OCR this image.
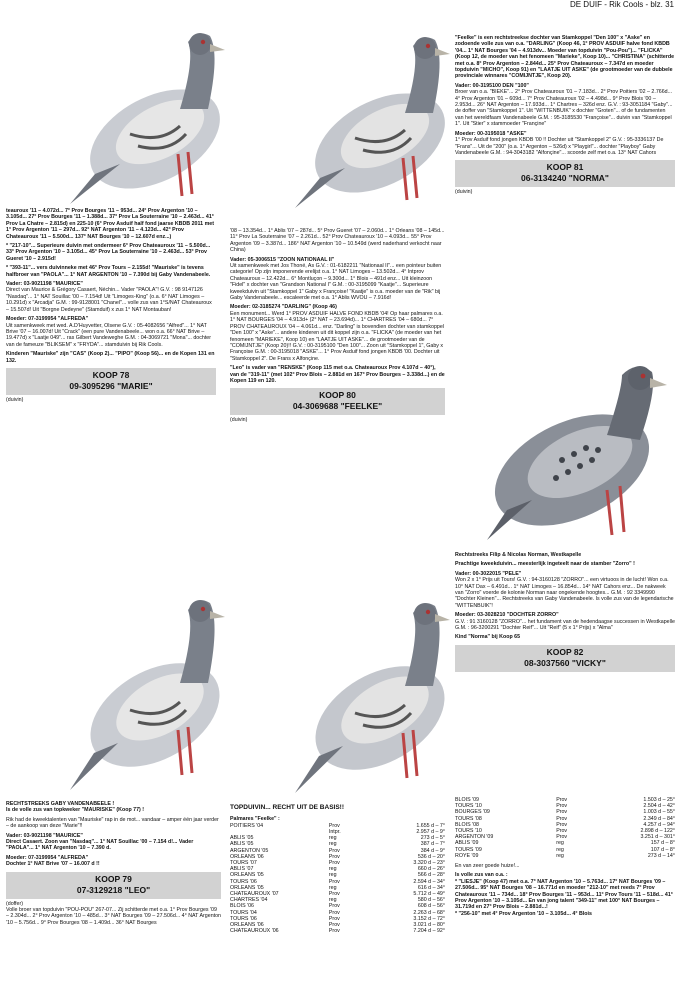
DE DUIF - Rik Cools - blz. 31

teauroux '11 – 4.072d... 7° Prov Bourges '11 – 953d... 24° Prov Argenton '10 – 3.105d... 27° Prov Bourges '11 – 1.388d... 37° Prov La Souterraine '10 – 2.463d... 41° Prov La Chatre – 2.815d) en 225-10 (6° Prov Asduif half fond jaarse KBDB 2011 met 1° Prov Argenton '11 – 297d... 92° NAT Argenton '11 – 4.123d... 42° Prov Chateauroux '11 – 5.500d... 137° NAT Bourges '10 – 12.607d enz...)

* "217-10"... Superieure duivin met ondermeer 6° Prov Chateauroux '11 – 5.500d... 33° Prov Argenton '10 – 3.105d... 45° Prov La Souterraine '10 – 2.463d... 53° Prov Gueret '10 – 2.915d!

* "393-11"... vers duivinneke met 46° Prov Tours – 2.155d! "Mauriske" is tevens halfbroer van "PAOLA"... 1° NAT ARGENTON '10 – 7.390d bij Gaby Vandenabeele.

Vader: 03-9021198 "MAURICE"

Direct van Maurice & Grégory Casaert, Néchin... Vader "PAOLA"! G.V. : 98 9147126 "Nasdaq"... 1° NAT Souillac '00 – 7.154d! Uit "Limoges-King" (o.a. 6° NAT Limoges – 10.291d) x "Arcadja" G.M. : 99-9128001 "Chanel"... volle zus van 1°S/NAT Chateauroux – 15.507d! Uit "Borgne Dedeyne" (Stamduif) x zus 1° NAT Montauban!

Moeder: 07-3199954 "ALFREDA"

Uit samenkweek met wed. A.D'Huyvetter, Olsene G.V. : 05-4082656 "Alfred"... 1° NAT Brive '07 – 16.007d! Uit "Crack" (een pure Vandenabeele... won o.a. 66° NAT Brive – 19.477d) x "Laatje 049"... ras Gilbert Vandeweghe G.M. : 04-3069721 "Mona"... dochter van de fameuze "BLIKSEM" x "FRYDA"... stamduivin bij Rik Cools.

Kinderen "Mauriske" zijn "CAS" (Koop 2)... "PIPO" (Koop 56)... en de Kopen 131 en 132.

KOOP 78
09-3095296 "MARIE"
(duivin)

'08 – 13.354d... 1° Ablis '07 – 287d... 5° Prov Gueret '07 – 2.060d... 1° Orleans '08 – 145d... 11° Prov La Souterraine '07 – 2.261d... 52° Prov Chateauroux '10 – 4.093d... 55° Prov Argenton '09 – 3.387d... 186° NAT Argenton '10 – 10.549d (werd naderhand verkocht naar China)

Vader: 05-3006515 "ZOON NATIONAAL II"

Uit samenkweek met Jos Thoné, As G.V. : 01-6182211 "Nationaal II"... een pointeur buiten categorie! Op zijn imponerende erelijst o.a. 1° NAT Limoges – 13.502d... 4° Intprov Chateauroux – 12.422d... 6° Montluçon – 9.300d... 1° Blois – 491d enz... Uit kleinzoon "Fidel" x dochter van "Grandson National I" G.M. : 00-3195099 "Kaatje"... Superieure kweekduivin uit "Stamkoppel 1" Gaby x Françoise! "Kaatje" is o.a. moeder van de "Rik" bij Gaby Vandenabeele... escaleerde met o.a. 1° Ablis WVOU – 7.916d!

Moeder: 02-3185274 "DARLING" (Koop 46)

Een monument... Werd 1° PROV ASDUIF HALVE FOND KBDB '04! Op haar palmares o.a. 1° NAT BOURGES '04 – 4.913d+ (2° NAT – 23.694d)... 1° CHARTRES '04 – 680d... 7° PROV CHATEAUROUX '04 – 4.061d... enz. "Darling" is bovendien dochter van stamkoppel "Den 100" x "Aske"... andere kinderen uit dit koppel zijn o.a. "FLICKA" (de moeder van het fenomeen "MARIEKE", Koop 10) en "LAATJE UIT ASKE"... de grootmoeder van de "COMIJNTJE" (Koop 20)!! G.V. : 00-3195100 "Den 100"... Zoon uit "Stamkoppel 1", Gaby x Françoise G.M. : 00-3195018 "ASKE"... 1° Prov Asduif fond jongen KBDB '00. Dochter uit "Stamkoppel 2". De Frans x Alfonçine.

"Leo" is vader van "RENSKE" (Koop 115 met o.a. Chateauroux Prov 4.107d – 40°), van de "319-11" (met 102° Prov Blois – 2.881d en 167° Prov Bourges – 3.338d...) en de Kopen 119 en 120.

KOOP 80
04-3069688 "FEELKE"
(duivin)

"Feelke" is een rechtstreekse dochter van Stamkoppel "Den 100" x "Aske" en zodoende volle zus van o.a. "DARLING" (Koop 46, 1° PROV ASDUIF halve fond KBDB '04... 1° NAT Bourges '04 – 4.913dv... Moeder van topduivin "Pou-Pou")... "FLICKA" (Koop 12, de moeder van het fenomeen "Marieke", Koop 10)... "CHRISTINA" (schitterde met o.a. 8° Prov Argenton – 2.844d... 25° Prov Chateauroux – 7.347d en moeder topduivin "MICHO", Koop 91) en "LAATJE UIT ASKE" (de grootmoeder van de dubbele provinciale winnares "COMIJNTJE", Koop 20).

Vader: 00-3195100 DEN "100"

Broer van o.a. "BIEKE"... 2° Prov Chateauroux '01 – 7.183d... 2° Prov Poitiers '02 – 2.766d... 4° Prov Argenton '01 – 609d... 7° Prov Chateauroux '02 – 4.498d... 9° Prov Blois '00 – 2.953d... 26° NAT Argenton – 17.933d... 1° Chartres – 326d enz. G.V. : 93-3051184 "Gaby"... de doffer van "Stamkoppel 1". Uit "WITTENBUIK" x dochter "Groten"... of de fundamenten van het wereldfaam Vandenabeele G.M. : 95-3185530 "Françoise"... duivin van "Stamkoppel 1". Uit "Stier" x stammoeder "Françine"

Moeder: 00-3195018 "ASKE"

1° Prov Asduif fond jongen KBDB '00 !! Dochter uit "Stamkoppel 2" G.V. : 95-3336137 De "Frans"... Uit de "200" (o.a. 1° Argenton – 526d) x "Playgirl"... dochter "Playboy" Gaby Vandenabeele G.M. : 94-3043182 "Alfonçine"... scoorde zelf met o.a. 13° NAT Cahors

KOOP 81
06-3134240 "NORMA"
(duivin)

Rechtstreeks Filip & Nicolas Norman, Westkapelle

Prachtige kweekduivin... meesterlijk ingeteelt naar de stamber "Zorro" !

Vader: 00-3022015 "PELE"

Won 2 x 1° Prijs uit Tours! G.V. : 94-3160128 "ZORRO"... een virtuoos in de lucht! Won o.a. 10° NAT Dax – 6.491d... 1° NAT Limoges – 16.854d... 14° NAT Cahors enz... De nakweek van "Zorro" voerde de kolonie Norman naar ongekende hoogtes... G.M. : 92 3349990 "Dochter Kleinen"... Rechtstreeks van Gaby Vandenabeele. Is volle zus van de legendarische "WITTENBUIK"!

Moeder: 03-3028210 "DOCHTER ZORRO"

G.V. : 91 3160128 "ZORRO"... het fundament van de hedendaagse successen in Westkapelle G.M. : 96-3200291 "Dochter Reif"... Uit "Reif" (5 x 1° Prijs) x "Alma"

Kind "Norma" bij Koop 65

KOOP 82
08-3037560 "VICKY"

RECHTSTREEKS GABY VANDENABEELE !

Is de volle zus van topkweker "MAURISKE" (Koop 77) !

Rik had de kweektalenten van "Mauriske" rap in de mot... vandaar – amper één jaar verder – de aankoop van deze "Marie"!!

Vader: 03-9021198 "MAURICE"

Direct Casaert. Zoon van "Nasdaq"... 1° NAT Souillac '00 – 7.154 d!... Vader "PAOLA"... 1° NAT Argenton '10 – 7.390 d.

Moeder: 07-3199954 "ALFREDA"

Dochter 1° NAT Brive '07 – 16.007 d !!

KOOP 79
07-3129218 "LEO"
(doffer)

Volle broer van topduivin "POU-POU" 267-07... Zij schitterde met o.a. 1° Prov Bourges '09 – 2.304d... 2° Prov Argenton '10 – 485d... 3° NAT Bourges '09 – 27.506d... 4° NAT Argenton '10 – 5.756d... 9° Prov Bourges '08 – 1.409d... 36° NAT Bourges

TOPDUIVIN... RECHT UIT DE BASIS!!

Palmares "Feelke" :

POITIERS '04	Prov	1.655 d – 7°
	Intpr.	2.957 d – 9°
ABLIS '05	reg	273 d – 5°
ABLIS '05	reg	387 d – 7°
ARGENTON '05	Prov	384 d – 9°
ORLEANS '06	Prov	536 d – 20°
TOURS '07	Prov	3.320 d – 23°
ABLIS '07	reg	660 d – 26°
ORLEANS '05	reg	566 d – 28°
TOURS '06	Prov	2.594 d – 34°
ORLEANS '05	reg	616 d – 34°
CHATEAUROUX '07	Prov	5.712 d – 49°
CHARTRES '04	reg	580 d – 56°
BLOIS '06	Prov	608 d – 56°
TOURS '04	Prov	2.263 d – 68°
TOURS '06	Prov	3.152 d – 72°
ORLEANS '06	Prov	3.021 d – 80°
CHATEAUROUX '06	Prov	7.204 d – 92°
BLOIS '09	Prov	1.503 d – 25°
TOURS '10	Prov	2.504 d – 42°
BOURGES '09	Prov	1.003 d – 55°
TOURS '08	Prov	2.349 d – 84°
BLOIS '08	Prov	4.257 d – 94°
TOURS '10	Prov	2.898 d – 122°
ARGENTON '09	Prov	3.251 d – 301°
ABLIS '09	reg	157 d – 8°
TOURS '09	reg	107 d – 8°
ROYE '09	reg	273 d – 14°

En van zeer goede huize!...

Is volle zus van o.a. :

* "LIESJE" (Koop 47) met o.a. 7° NAT Argenton '10 – 5.763d... 17° NAT Bourges '09 – 27.506d... 95° NAT Bourges '08 – 16.771d en moeder "212-10" met reeds 7° Prov Chateauroux '11 – 734d... 18° Prov Bourges '11 – 953d... 11° Prov Tours '11 – 518d... 41° Prov Argenton '10 – 3.105d... En van jong talent "349-11" met 100° NAT Bourges – 31.719d en 27° Prov Blois – 2.881d...!

* "256-10" met 4° Prov Argenton '10 – 3.105d... 4° Blois
